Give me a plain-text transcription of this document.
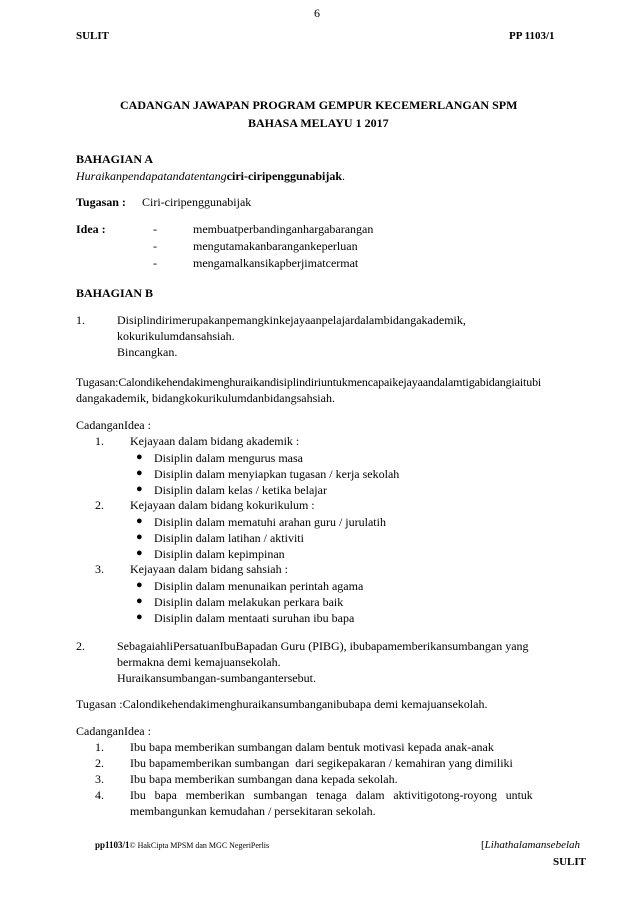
6
SULIT	PP 1103/1
CADANGAN JAWAPAN PROGRAM GEMPUR KECEMERLANGAN SPM
BAHASA MELAYU 1 2017
BAHAGIAN A
Huraikanpendapatandatentangciri-ciripenggunabijak.
Tugasan : Ciri-ciripenggunabijak
Idea :	-	membuatperbandinganhargabarangan
-	mengutamakanbarangankeperluan
-	mengamalkansikapberjimatcermat
BAHAGIAN B
1.	Disiplindirimerupakanpemangkinkejayaanpelajardalambidangakademik,
kokurikulumdansahsiah.
Bincangkan.
Tugasan:Calondikehendakimenghuraikandisiplindiriuntukmencapaikejayaandalamtigabidangiaitubi
dangakademik, bidangkokurikulumdanbidangsahsiah.
CadanganIdea :
1. Kejayaan dalam bidang akademik :
● Disiplin dalam mengurus masa
● Disiplin dalam menyiapkan tugasan / kerja sekolah
● Disiplin dalam kelas / ketika belajar
2. Kejayaan dalam bidang kokurikulum :
● Disiplin dalam mematuhi arahan guru / jurulatih
● Disiplin dalam latihan / aktiviti
● Disiplin dalam kepimpinan
3. Kejayaan dalam bidang sahsiah :
● Disiplin dalam menunaikan perintah agama
● Disiplin dalam melakukan perkara baik
● Disiplin dalam mentaati suruhan ibu bapa
2.	SebagaiahliPersatuanIbuBapadan Guru (PIBG), ibubapamemberikansumbangan yang
bermakna demi kemajuansekolah.
Huraikansumbangan-sumbangantersebut.
Tugasan :Calondikehendakimenghuraikansumbanganibubapa demi kemajuansekolah.
CadanganIdea :
1. Ibu bapa memberikan sumbangan dalam bentuk motivasi kepada anak-anak
2. Ibu bapamemberikan sumbangan  dari segikepakaran / kemahiran yang dimiliki
3. Ibu bapa memberikan sumbangan dana kepada sekolah.
4. Ibu   bapa   memberikan   sumbangan   tenaga   dalam   aktivitigotong-royong   untuk
membangunkan kemudahan / persekitaran sekolah.
pp1103/1© HakCipta MPSM dan MGC NegeriPerlis	[Lihathalamansebelah
SULIT
